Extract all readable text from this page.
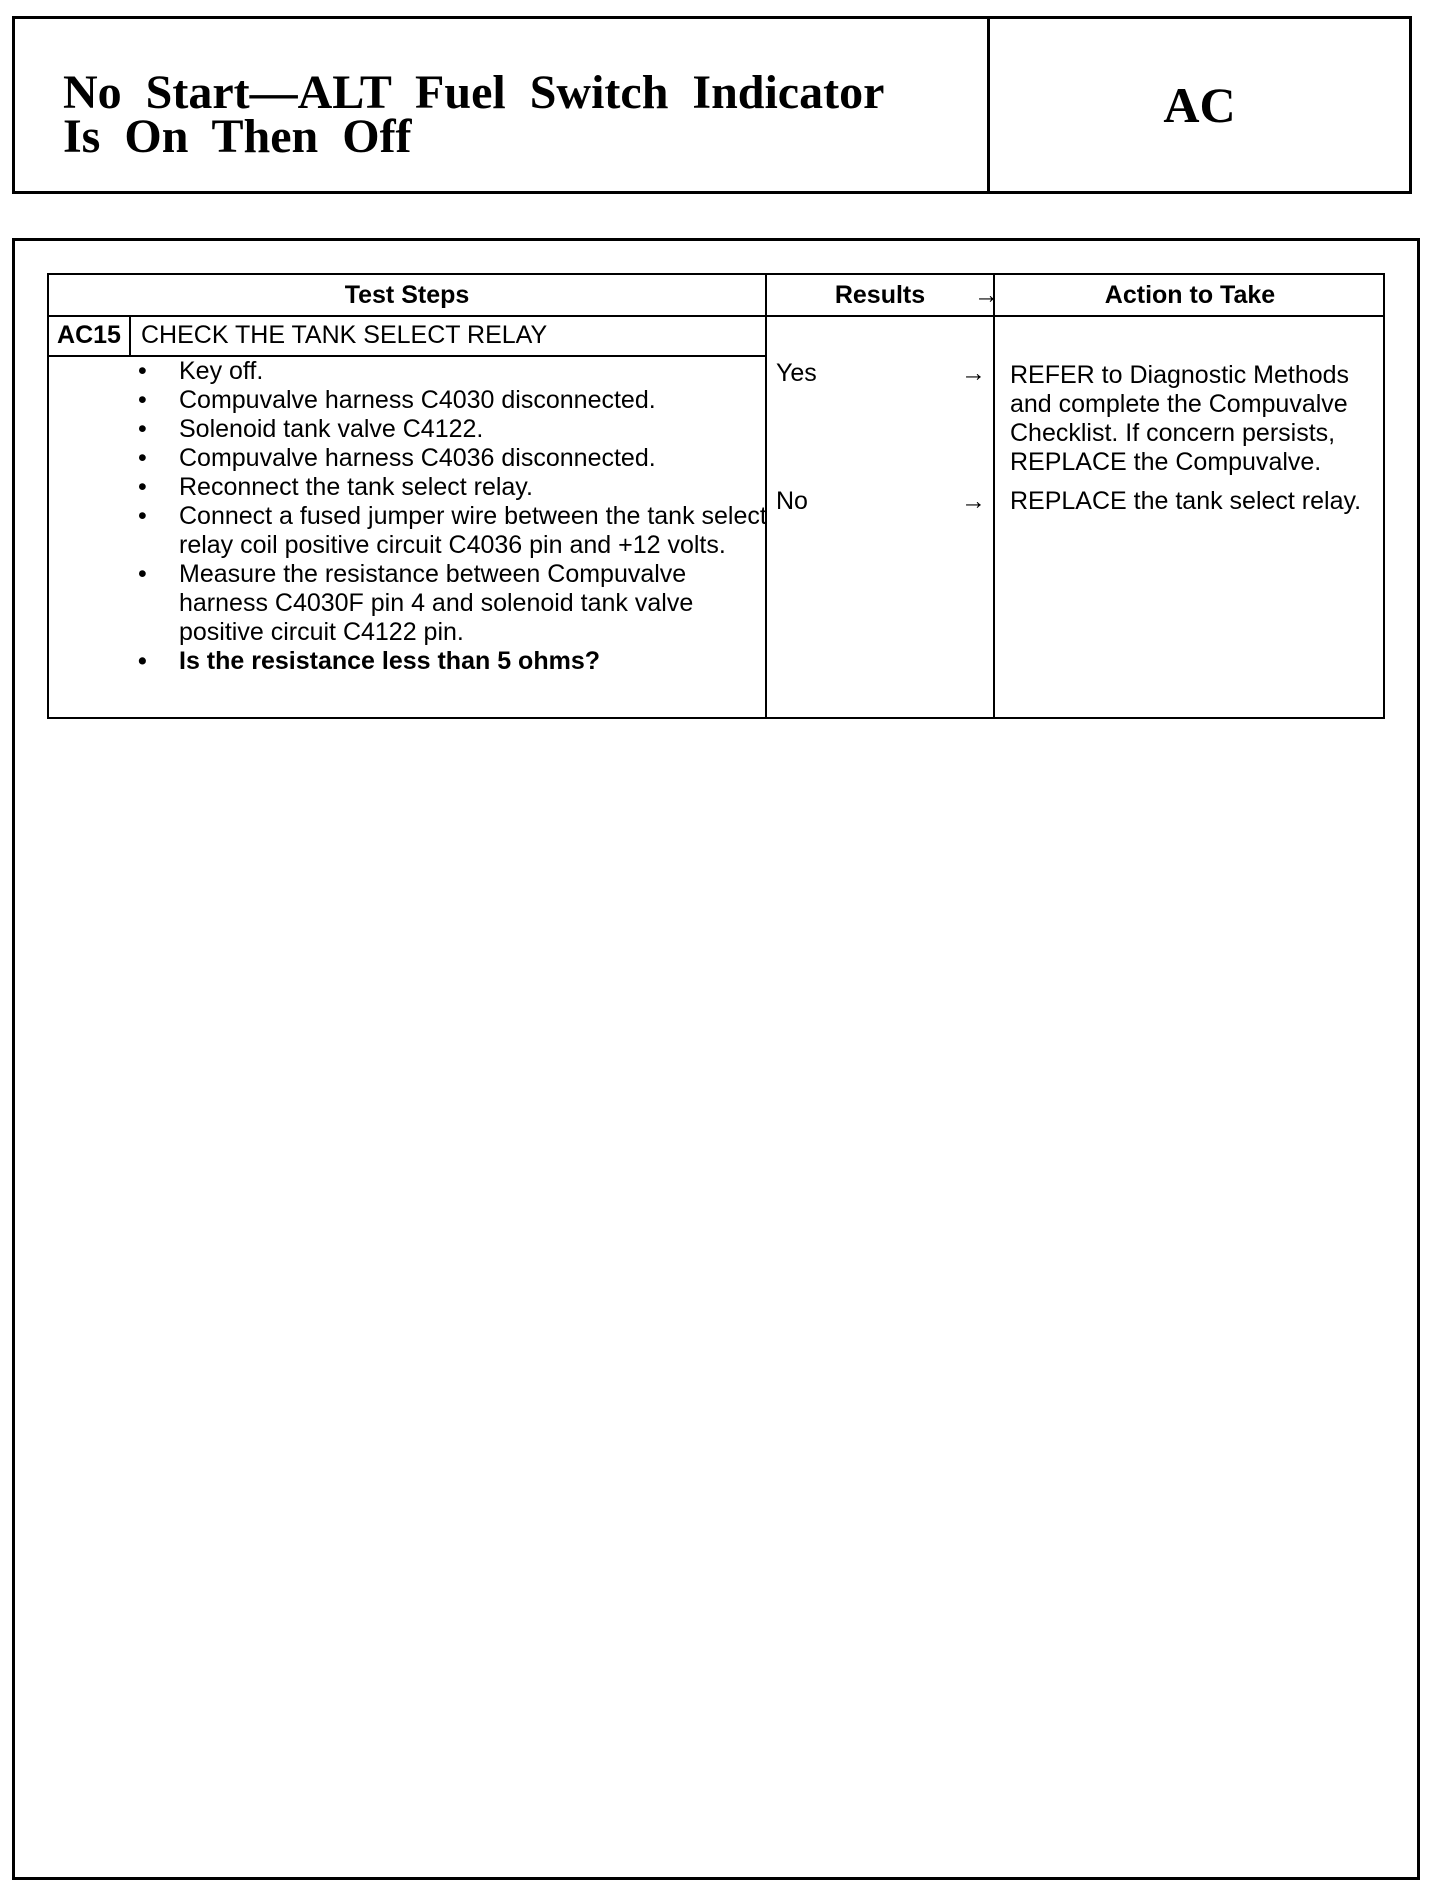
No  Start—ALT  Fuel  Switch  Indicator
Is  On  Then  Off
AC
Test Steps	Results →	Action to Take
AC15 CHECK THE TANK SELECT RELAY
• Key off.
• Compuvalve harness C4030 disconnected.
• Solenoid tank valve C4122.
• Compuvalve harness C4036 disconnected.
• Reconnect the tank select relay.
• Connect a fused jumper wire between the tank select relay coil positive circuit C4036 pin and +12 volts.
• Measure the resistance between Compuvalve harness C4030F pin 4 and solenoid tank valve positive circuit C4122 pin.
• Is the resistance less than 5 ohms?
Yes	→ REFER to Diagnostic Methods and complete the Compuvalve Checklist. If concern persists, REPLACE the Compuvalve.
No	→ REPLACE the tank select relay.
